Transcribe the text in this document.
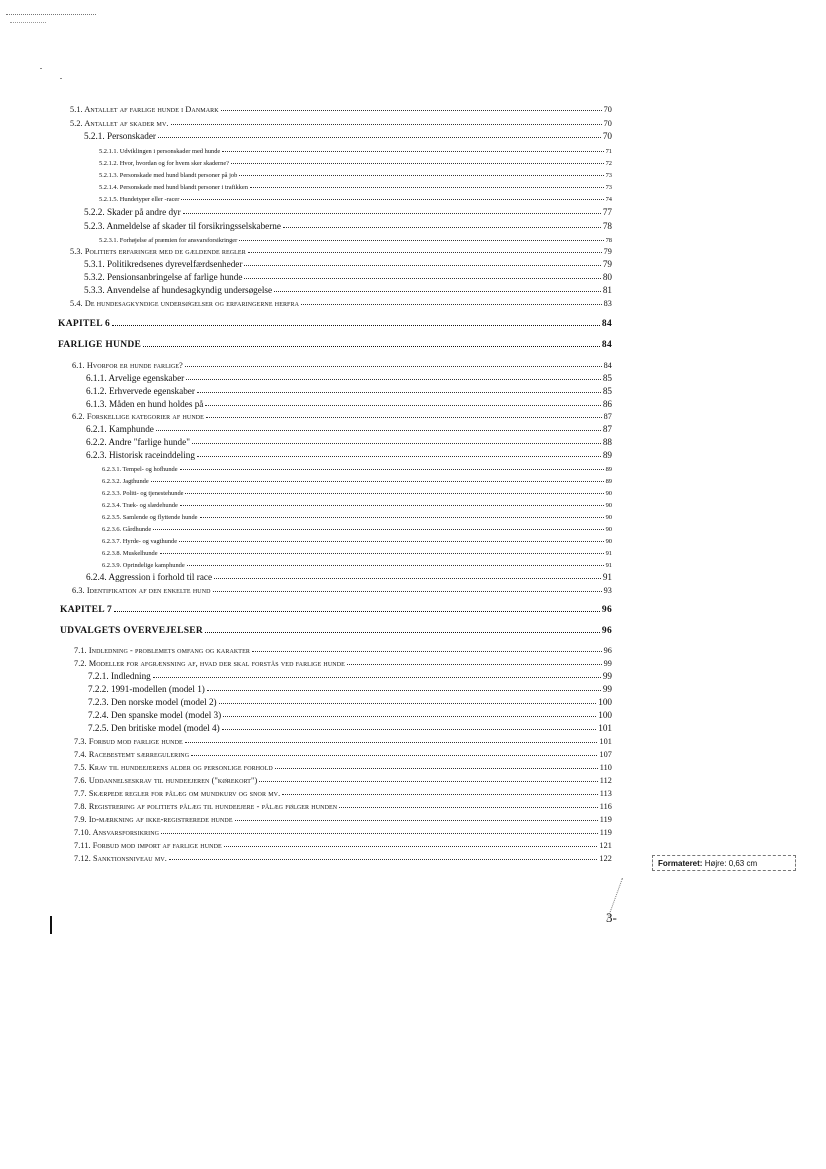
5.1. Antallet af farlige hunde i Danmark	70
5.2. Antallet af skader mv.	70
5.2.1. Personskader	70
5.2.1.1. Udviklingen i personskader med hunde	71
5.2.1.2. Hvor, hvordan og for hvem sker skaderne?	72
5.2.1.3. Personskade med hund blandt personer på job	73
5.2.1.4. Personskade med hund blandt personer i trafikken	73
5.2.1.5. Hundetyper eller -racer	74
5.2.2. Skader på andre dyr	77
5.2.3. Anmeldelse af skader til forsikringsselskaberne	78
5.2.3.1. Forhøjelse af præmien for ansvarsforsikringer	78
5.3. Politiets erfaringer med de gældende regler	79
5.3.1. Politikredsenes dyrevelfærdsenheder	79
5.3.2. Pensionsanbringelse af farlige hunde	80
5.3.3. Anvendelse af hundesagkyndig undersøgelse	81
5.4. De hundesagkyndige undersøgelser og erfaringerne herfra	83
KAPITEL 6	84
FARLIGE HUNDE	84
6.1. Hvorfor er hunde farlige?	84
6.1.1. Arvelige egenskaber	85
6.1.2. Erhvervede egenskaber	85
6.1.3. Måden en hund holdes på	86
6.2. Forskellige kategorier af hunde	87
6.2.1. Kamphunde	87
6.2.2. Andre "farlige hunde"	88
6.2.3. Historisk raceinddeling	89
6.2.3.1. Tempel- og hofhunde	89
6.2.3.2. Jagthunde	89
6.2.3.3. Politi- og tjenestehunde	90
6.2.3.4. Træk- og slædehunde	90
6.2.3.5. Samlende og flyttende hunde	90
6.2.3.6. Gårdhunde	90
6.2.3.7. Hyrde- og vagthunde	90
6.2.3.8. Muskelhunde	91
6.2.3.9. Oprindelige kamphunde	91
6.2.4. Aggression i forhold til race	91
6.3. Identifikation af den enkelte hund	93
KAPITEL 7	96
UDVALGETS OVERVEJELSER	96
7.1. Indledning - problemets omfang og karakter	96
7.2. Modeller for afgrænsning af, hvad der skal forstås ved farlige hunde	99
7.2.1. Indledning	99
7.2.2. 1991-modellen (model 1)	99
7.2.3. Den norske model (model 2)	100
7.2.4. Den spanske model (model 3)	100
7.2.5. Den britiske model (model 4)	101
7.3. Forbud mod farlige hunde	101
7.4. Racebestemt særregulering	107
7.5. Krav til hundeejerens alder og personlige forhold	110
7.6. Uddannelseskrav til hundeejeren ("kørekort")	112
7.7. Skærpede regler for pålæg om mundkurv og snor mv.	113
7.8. Registrering af politiets pålæg til hundeejere - pålæg følger hunden	116
7.9. Id-mærkning af ikke-registrerede hunde	119
7.10. Ansvarsforsikring	119
7.11. Forbud mod import af farlige hunde	121
7.12. Sanktionsniveau mv.	122
3-
Formateret: Højre: 0,63 cm
